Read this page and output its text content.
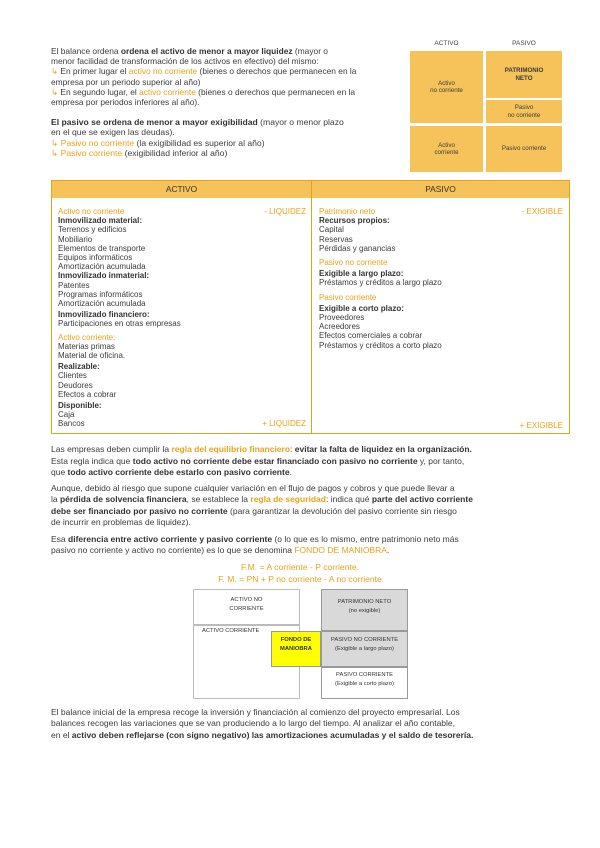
El balance ordena ordena el activo de menor a mayor liquidez (mayor o
menor facilidad de transformación de los activos en efectivo) del mismo:
↳ En primer lugar el activo no corriente (bienes o derechos que permanecen en la
empresa por un periodo superior al año)
↳ En segundo lugar, el activo corriente (bienes o derechos que permanecen en la
empresa por periodos inferiores al año).
El pasivo se ordena de menor a mayor exigibilidad (mayor o menor plazo
en el que se exigen las deudas).
↳ Pasivo no corriente (la exigibilidad es superior al año)
↳ Pasivo corriente (exigibilidad inferior al año)
ACTIVO	PASIVO
Activo
no corriente
PATRIMONIO
NETO
Pasivo
no corriente
Activo
corriente
Pasivo corriente
ACTIVO	PASIVO
Activo no corriente	- LIQUIDEZ
Inmovilizado material:
Terrenos y edificios
Mobiliario
Elementos de transporte
Equipos informáticos
Amortización acumulada
Inmovilizado inmaterial:
Patentes
Programas informáticos
Amortización acumulada
Inmovilizado financiero:
Participaciones en otras empresas
Activo corriente:
Materias primas
Material de oficina.
Realizable:
Clientes
Deudores
Efectos a cobrar
Disponible:
Caja
Bancos	+ LIQUIDEZ
Patrimonio neto	- EXIGIBLE
Recursos propios:
Capital
Reservas
Pérdidas y ganancias
Pasivo no corriente
Exigible a largo plazo:
Préstamos y créditos a largo plazo
Pasivo corriente
Exigible a corto plazo:
Proveedores
Acreedores
Efectos comerciales a cobrar
Préstamos y créditos a corto plazo
+ EXIGIBLE
Las empresas deben cumplir la regla del equilibrio financiero: evitar la falta de liquidez en la organización.
Esta regla indica que todo activo no corriente debe estar financiado con pasivo no corriente y, por tanto,
que todo activo corriente debe estarlo con pasivo corriente.
Aunque, debido al riesgo que supone cualquier variación en el flujo de pagos y cobros y que puede llevar a
la pérdida de solvencia financiera, se establece la regla de seguridad: indica qué parte del activo corriente
debe ser financiado por pasivo no corriente (para garantizar la devolución del pasivo corriente sin riesgo
de incurrir en problemas de liquidez).
Esa diferencia entre activo corriente y pasivo corriente (o lo que es lo mismo, entre patrimonio neto más
pasivo no corriente y activo no corriente) es lo que se denomina FONDO DE MANIOBRA.
F.M. = A corriente - P corriente.
F. M. = PN + P no corriente - A no corriente
ACTIVO NO
CORRIENTE
ACTIVO CORRIENTE
FONDO DE
MANIOBRA
PATRIMONIO NETO
(no exigible)
PASIVO NO CORRIENTE
(Exigible a largo plazo)
PASIVO CORRIENTE
(Exigible a corto plazo)
El balance inicial de la empresa recoge la inversión y financiación al comienzo del proyecto empresarial. Los
balances recogen las variaciones que se van produciendo a lo largo del tiempo. Al analizar el año contable,
en el activo deben reflejarse (con signo negativo) las amortizaciones acumuladas y el saldo de tesorería.
